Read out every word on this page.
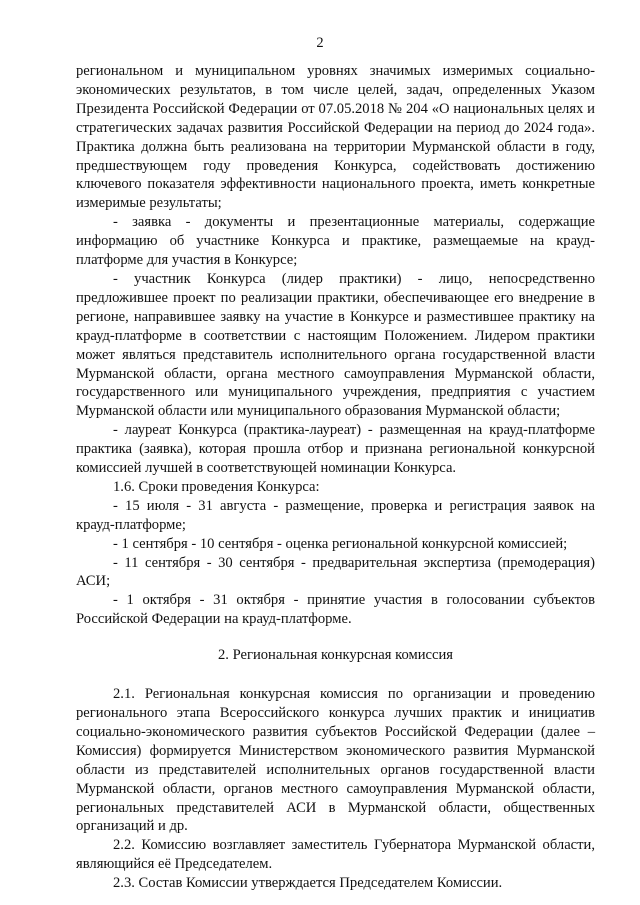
2

региональном и муниципальном уровнях значимых измеримых социально-экономических результатов, в том числе целей, задач, определенных Указом Президента Российской Федерации от 07.05.2018 № 204 «О национальных целях и стратегических задачах развития Российской Федерации на период до 2024 года». Практика должна быть реализована на территории Мурманской области в году, предшествующем году проведения Конкурса, содействовать достижению ключевого показателя эффективности национального проекта, иметь конкретные измеримые результаты;

- заявка - документы и презентационные материалы, содержащие информацию об участнике Конкурса и практике, размещаемые на крауд-платформе для участия в Конкурсе;

- участник Конкурса (лидер практики) - лицо, непосредственно предложившее проект по реализации практики, обеспечивающее его внедрение в регионе, направившее заявку на участие в Конкурсе и разместившее практику на крауд-платформе в соответствии с настоящим Положением. Лидером практики может являться представитель исполнительного органа государственной власти Мурманской области, органа местного самоуправления Мурманской области, государственного или муниципального учреждения, предприятия с участием Мурманской области или муниципального образования Мурманской области;

- лауреат Конкурса (практика-лауреат) - размещенная на крауд-платформе практика (заявка), которая прошла отбор и признана региональной конкурсной комиссией лучшей в соответствующей номинации Конкурса.

1.6. Сроки проведения Конкурса:

- 15 июля - 31 августа - размещение, проверка и регистрация заявок на крауд-платформе;

- 1 сентября - 10 сентября - оценка региональной конкурсной комиссией;

- 11 сентября - 30 сентября - предварительная экспертиза (премодерация) АСИ;

- 1 октября - 31 октября - принятие участия в голосовании субъектов Российской Федерации на крауд-платформе.

2. Региональная конкурсная комиссия

2.1. Региональная конкурсная комиссия по организации и проведению регионального этапа Всероссийского конкурса лучших практик и инициатив социально-экономического развития субъектов Российской Федерации (далее – Комиссия) формируется Министерством экономического развития Мурманской области из представителей исполнительных органов государственной власти Мурманской области, органов местного самоуправления Мурманской области, региональных представителей АСИ в Мурманской области, общественных организаций и др.

2.2. Комиссию возглавляет заместитель Губернатора Мурманской области, являющийся её Председателем.

2.3. Состав Комиссии утверждается Председателем Комиссии.
